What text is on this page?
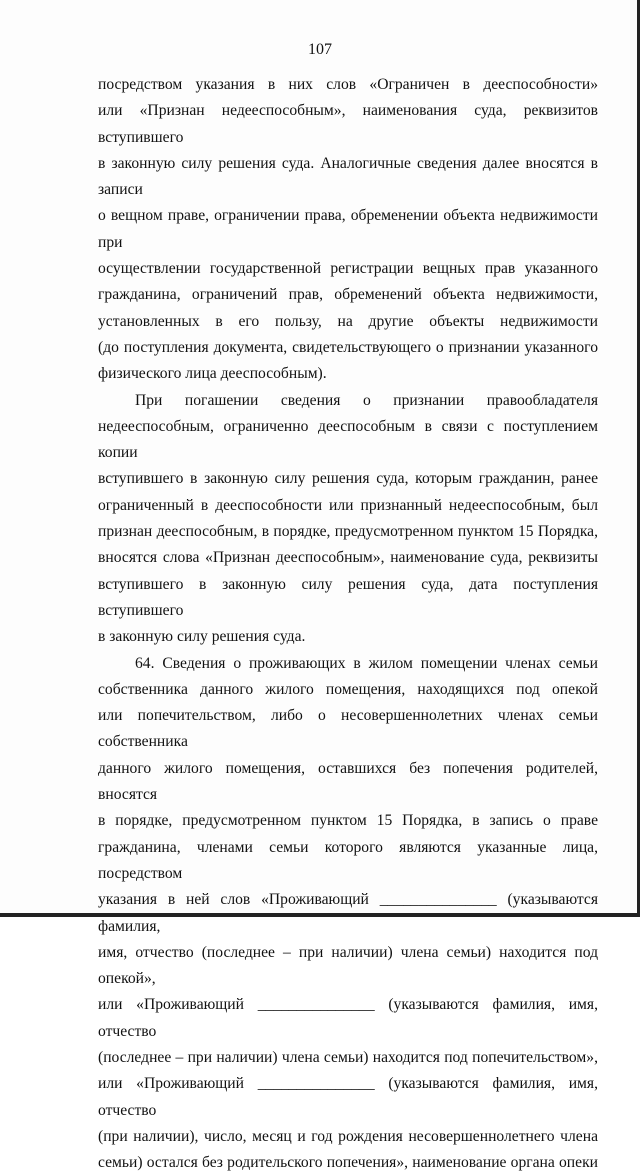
107

посредством указания в них слов «Ограничен в дееспособности»

или «Признан недееспособным», наименования суда, реквизитов вступившего

в законную силу решения суда. Аналогичные сведения далее вносятся в записи

о вещном праве, ограничении права, обременении объекта недвижимости при

осуществлении государственной регистрации вещных прав указанного

гражданина, ограничений прав, обременений объекта недвижимости,

установленных в его пользу, на другие объекты недвижимости

(до поступления документа, свидетельствующего о признании указанного

физического лица дееспособным).

При погашении сведения о признании правообладателя

недееспособным, ограниченно дееспособным в связи с поступлением копии

вступившего в законную силу решения суда, которым гражданин, ранее

ограниченный в дееспособности или признанный недееспособным, был

признан дееспособным, в порядке, предусмотренном пунктом 15 Порядка,

вносятся слова «Признан дееспособным», наименование суда, реквизиты

вступившего в законную силу решения суда, дата поступления вступившего

в законную силу решения суда.

64. Сведения о проживающих в жилом помещении членах семьи

собственника данного жилого помещения, находящихся под опекой

или попечительством, либо о несовершеннолетних членах семьи собственника

данного жилого помещения, оставшихся без попечения родителей, вносятся

в порядке, предусмотренном пунктом 15 Порядка, в запись о праве

гражданина, членами семьи которого являются указанные лица, посредством

указания в ней слов «Проживающий _______________ (указываются фамилия,

имя, отчество (последнее – при наличии) члена семьи) находится под опекой»,

или «Проживающий _______________ (указываются фамилия, имя, отчество

(последнее – при наличии) члена семьи) находится под попечительством»,

или «Проживающий _______________ (указываются фамилия, имя, отчество

(при наличии), число, месяц и год рождения несовершеннолетнего члена

семьи) остался без родительского попечения», наименование органа опеки
